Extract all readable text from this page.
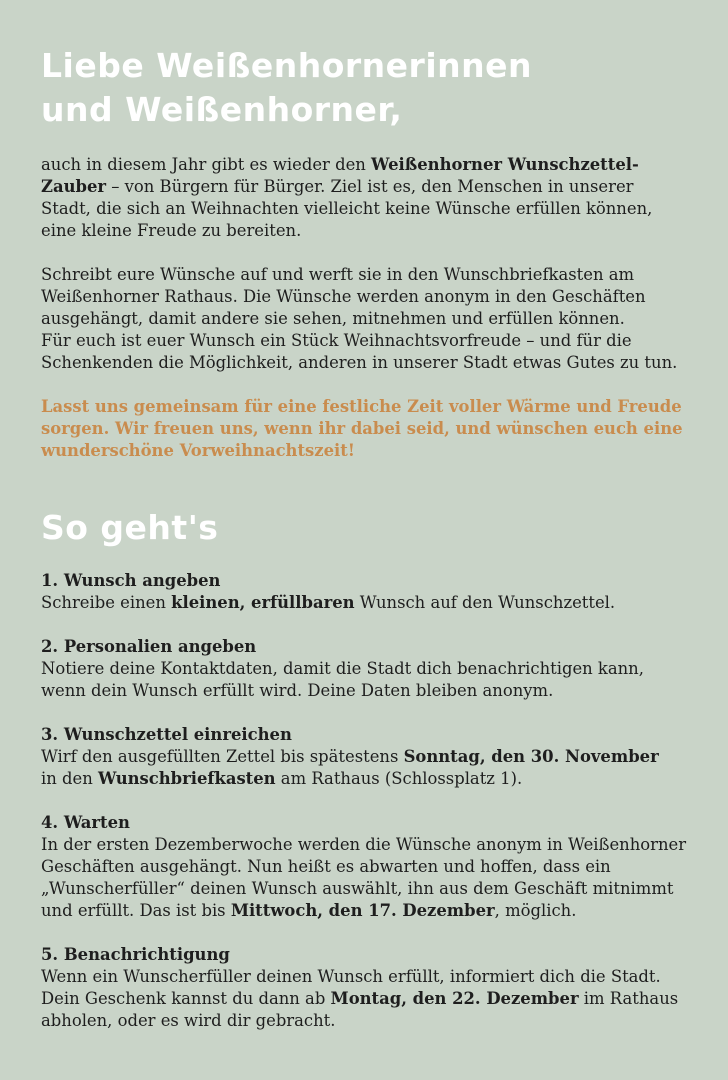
Liebe Weißenhornerinnen
und Weißenhorner,

auch in diesem Jahr gibt es wieder den Weißenhorner Wunschzettel-
Zauber – von Bürgern für Bürger. Ziel ist es, den Menschen in unserer
Stadt, die sich an Weihnachten vielleicht keine Wünsche erfüllen können,
eine kleine Freude zu bereiten.

Schreibt eure Wünsche auf und werft sie in den Wunschbriefkasten am
Weißenhorner Rathaus. Die Wünsche werden anonym in den Geschäften
ausgehängt, damit andere sie sehen, mitnehmen und erfüllen können.
Für euch ist euer Wunsch ein Stück Weihnachtsvorfreude – und für die
Schenkenden die Möglichkeit, anderen in unserer Stadt etwas Gutes zu tun.

Lasst uns gemeinsam für eine festliche Zeit voller Wärme und Freude
sorgen. Wir freuen uns, wenn ihr dabei seid, und wünschen euch eine
wunderschöne Vorweihnachtszeit!

So geht's

1. Wunsch angeben
Schreibe einen kleinen, erfüllbaren Wunsch auf den Wunschzettel.

2. Personalien angeben
Notiere deine Kontaktdaten, damit die Stadt dich benachrichtigen kann,
wenn dein Wunsch erfüllt wird. Deine Daten bleiben anonym.

3. Wunschzettel einreichen
Wirf den ausgefüllten Zettel bis spätestens Sonntag, den 30. November
in den Wunschbriefkasten am Rathaus (Schlossplatz 1).

4. Warten
In der ersten Dezemberwoche werden die Wünsche anonym in Weißenhorner
Geschäften ausgehängt. Nun heißt es abwarten und hoffen, dass ein
„Wunscherfüller“ deinen Wunsch auswählt, ihn aus dem Geschäft mitnimmt
und erfüllt. Das ist bis Mittwoch, den 17. Dezember, möglich.

5. Benachrichtigung
Wenn ein Wunscherfüller deinen Wunsch erfüllt, informiert dich die Stadt.
Dein Geschenk kannst du dann ab Montag, den 22. Dezember im Rathaus
abholen, oder es wird dir gebracht.
